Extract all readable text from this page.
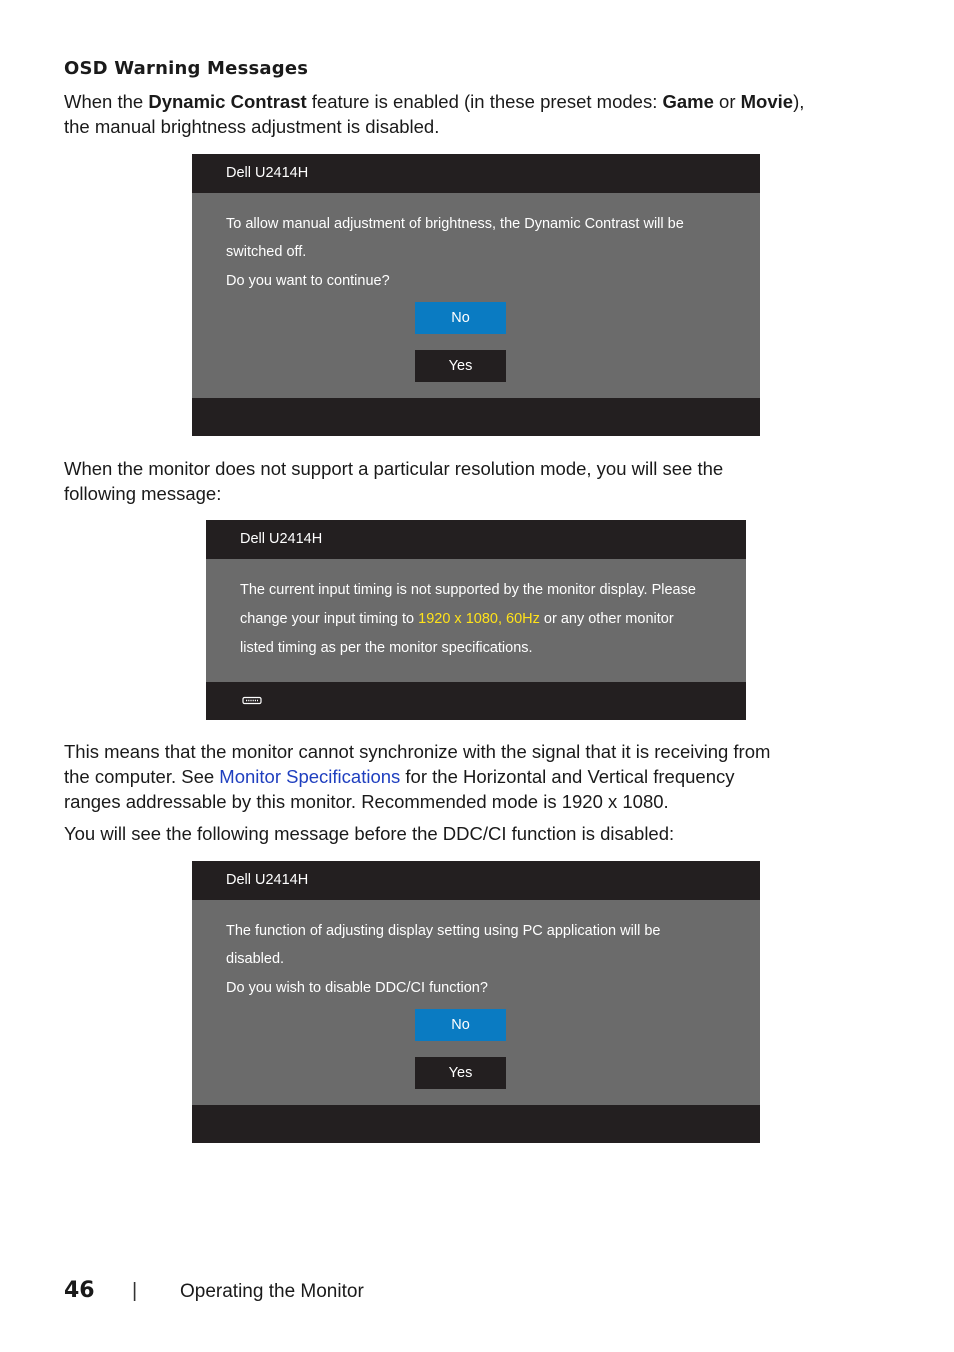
OSD Warning Messages
When the Dynamic Contrast feature is enabled (in these preset modes: Game or Movie),
the manual brightness adjustment is disabled.
Dell U2414H
To allow manual adjustment of brightness, the Dynamic Contrast will be
switched off.
Do you want to continue?
No
Yes
When the monitor does not support a particular resolution mode, you will see the
following message:
Dell U2414H
The current input timing is not supported by the monitor display. Please
change your input timing to 1920 x 1080, 60Hz or any other monitor
listed timing as per the monitor specifications.
This means that the monitor cannot synchronize with the signal that it is receiving from
the computer. See Monitor Specifications for the Horizontal and Vertical frequency
ranges addressable by this monitor. Recommended mode is 1920 x 1080.
You will see the following message before the DDC/CI function is disabled:
Dell U2414H
The function of adjusting display setting using PC application will be
disabled.
Do you wish to disable DDC/CI function?
No
Yes
46 | Operating the Monitor
